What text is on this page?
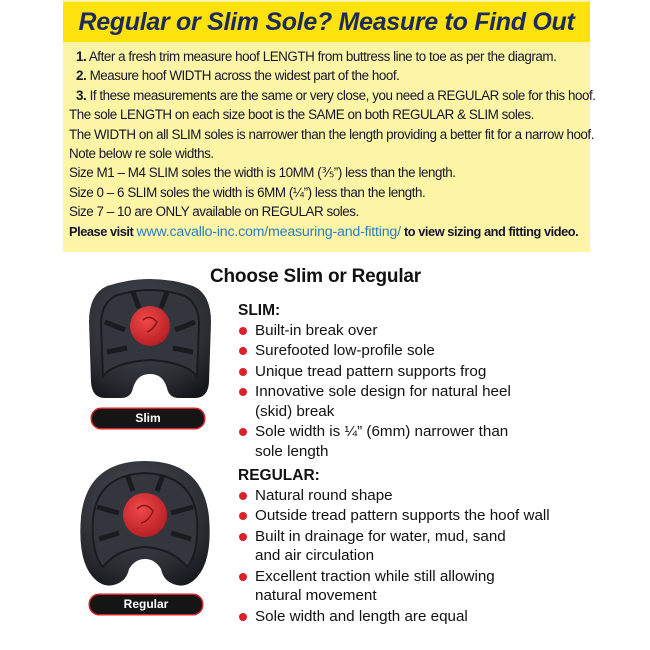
Regular or Slim Sole? Measure to Find Out
1. After a fresh trim measure hoof LENGTH from buttress line to toe as per the diagram.
2. Measure hoof WIDTH across the widest part of the hoof.
3. If these measurements are the same or very close, you need a REGULAR sole for this hoof.
The sole LENGTH on each size boot is the SAME on both REGULAR & SLIM soles.
The WIDTH on all SLIM soles is narrower than the length providing a better fit for a narrow hoof.
Note below re sole widths.
Size M1 – M4 SLIM soles the width is 10MM (⅗”) less than the length.
Size 0 – 6 SLIM soles the width is 6MM (¼”) less than the length.
Size 7 – 10 are ONLY available on REGULAR soles.
Please visit www.cavallo-inc.com/measuring-and-fitting/ to view sizing and fitting video.
Choose Slim or Regular
Slim
Regular
SLIM:
Built-in break over
Surefooted low-profile sole
Unique tread pattern supports frog
Innovative sole design for natural heel (skid) break
Sole width is ¼” (6mm) narrower than sole length
REGULAR:
Natural round shape
Outside tread pattern supports the hoof wall
Built in drainage for water, mud, sand and air circulation
Excellent traction while still allowing natural movement
Sole width and length are equal
